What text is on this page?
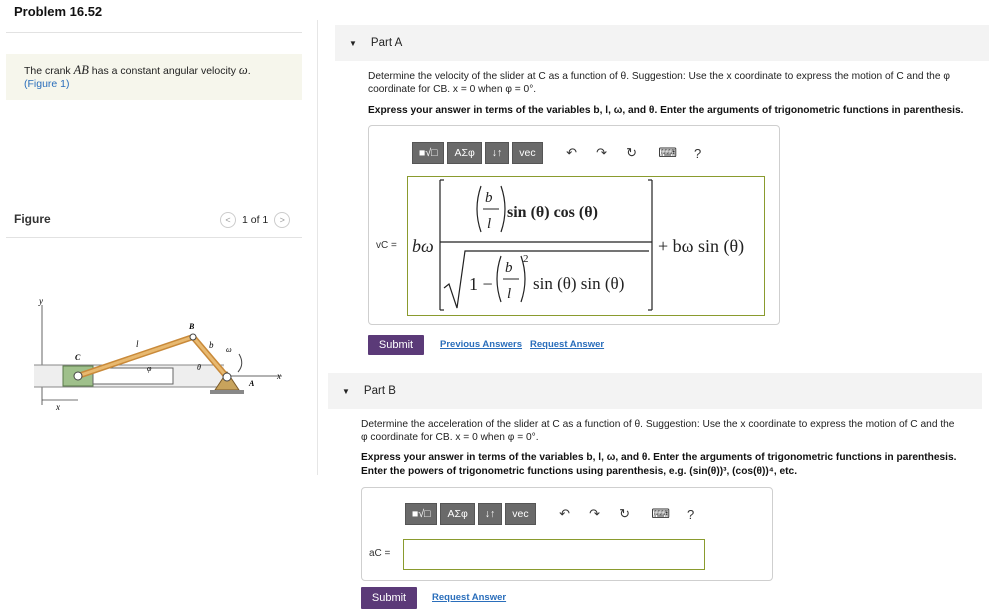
Problem 16.52
The crank AB has a constant angular velocity ω.
(Figure 1)
Figure	<	1 of 1	>
y
x
x
B
C
A
l	b ω
φ	θ
▼ Part A
Determine the velocity of the slider at C as a function of θ. Suggestion: Use the x coordinate to express the motion of C and the φ
coordinate for CB. x = 0 when φ = 0°.
Express your answer in terms of the variables b, l, ω, and θ. Enter the arguments of trigonometric functions in parenthesis.
■√□	ΑΣφ	↓↑	vec	↶	↷	↻	⌨	?
vC = bω
b
l
sin (θ) cos (θ)
1 −
b
l
2
sin (θ) sin (θ)
+ bω sin (θ)
Submit	Previous Answers Request Answer
▼ Part B
Determine the acceleration of the slider at C as a function of θ. Suggestion: Use the x coordinate to express the motion of C and the
φ coordinate for CB. x = 0 when φ = 0°.
Express your answer in terms of the variables b, l, ω, and θ. Enter the arguments of trigonometric functions in parenthesis.
Enter the powers of trigonometric functions using parenthesis, e.g. (sin(θ))³, (cos(θ))⁴, etc.
■√□	ΑΣφ	↓↑	vec	↶	↷	↻	⌨	?
aC =
Submit	Request Answer
